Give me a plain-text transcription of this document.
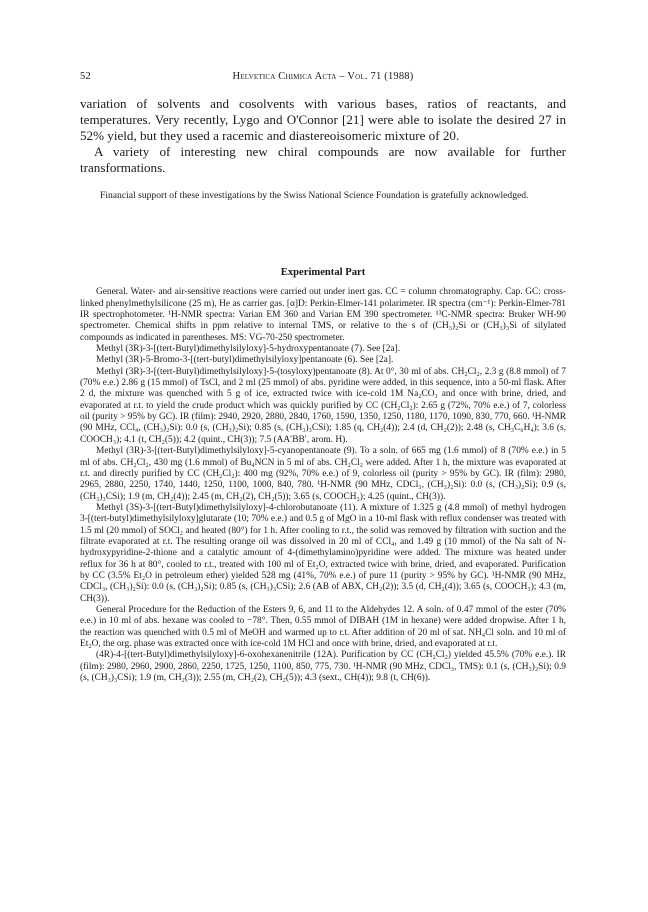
52	Helvetica Chimica Acta – Vol. 71 (1988)

variation of solvents and cosolvents with various bases, ratios of reactants, and temperatures. Very recently, Lygo and O'Connor [21] were able to isolate the desired 27 in 52% yield, but they used a racemic and diastereoisomeric mixture of 20.

A variety of interesting new chiral compounds are now available for further transformations.

Financial support of these investigations by the Swiss National Science Foundation is gratefully acknowledged.
Experimental Part

General. Water- and air-sensitive reactions were carried out under inert gas. CC = column chromatography. Cap. GC: cross-linked phenylmethylsilicone (25 m), He as carrier gas. [α]D: Perkin-Elmer-141 polarimeter. IR spectra (cm⁻¹): Perkin-Elmer-781 IR spectrophotometer. ¹H-NMR spectra: Varian EM 360 and Varian EM 390 spectrometer. ¹³C-NMR spectra: Bruker WH-90 spectrometer. Chemical shifts in ppm relative to internal TMS, or relative to the s of (CH₃)₂Si or (CH₃)₃Si of silylated compounds as indicated in parentheses. MS: VG-70-250 spectrometer.

Methyl (3R)-3-[(tert-Butyl)dimethylsilyloxy]-5-hydroxypentanoate (7). See [2a].

Methyl (3R)-5-Bromo-3-[(tert-butyl)dimethylsilyloxy]pentanoate (6). See [2a].

Methyl (3R)-3-[(tert-Butyl)dimethylsilyloxy]-5-(tosyloxy)pentanoate (8). At 0°, 30 ml of abs. CH₂Cl₂, 2.3 g (8.8 mmol) of 7 (70% e.e.) 2.86 g (15 mmol) of TsCl, and 2 ml (25 mmol) of abs. pyridine were added, in this sequence, into a 50-ml flask. After 2 d, the mixture was quenched with 5 g of ice, extracted twice with ice-cold 1M Na₂CO₃ and once with brine, dried, and evaporated at r.t. to yield the crude product which was quickly purified by CC (CH₂Cl₂): 2.65 g (72%, 70% e.e.) of 7, colorless oil (purity > 95% by GC). IR (film): 2940, 2920, 2880, 2840, 1760, 1590, 1350, 1250, 1180, 1170, 1090, 830, 770, 660. ¹H-NMR (90 MHz, CCl₄, (CH₃)₂Si): 0.0 (s, (CH₃)₂Si); 0.85 (s, (CH₃)₃CSi); 1.85 (q, CH₂(4)); 2.4 (d, CH₂(2)); 2.48 (s, CH₃C₆H₄); 3.6 (s, COOCH₃); 4.1 (t, CH₂(5)); 4.2 (quint., CH(3)); 7.5 (AA′BB′, arom. H).

Methyl (3R)-3-[(tert-Butyl)dimethylsilyloxy]-5-cyanopentanoate (9). To a soln. of 665 mg (1.6 mmol) of 8 (70% e.e.) in 5 ml of abs. CH₂Cl₂, 430 mg (1.6 mmol) of Bu₄NCN in 5 ml of abs. CH₂Cl₂ were added. After 1 h, the mixture was evaporated at r.t. and directly purified by CC (CH₂Cl₂): 400 mg (92%, 70% e.e.) of 9, colorless oil (purity > 95% by GC). IR (film): 2980, 2965, 2880, 2250, 1740, 1440, 1250, 1100, 1000, 840, 780. ¹H-NMR (90 MHz, CDCl₃, (CH₃)₂Si): 0.0 (s, (CH₃)₂Si); 0.9 (s, (CH₃)₃CSi); 1.9 (m, CH₂(4)); 2.45 (m, CH₂(2), CH₂(5)); 3.65 (s, COOCH₃); 4.25 (quint., CH(3)).

Methyl (3S)-3-[(tert-Butyl)dimethylsilyloxy]-4-chlorobutanoate (11). A mixture of 1.325 g (4.8 mmol) of methyl hydrogen 3-[(tert-butyl)dimethylsilyloxy]glutarate (10; 70% e.e.) and 0.5 g of MgO in a 10-ml flask with reflux condenser was treated with 1.5 ml (20 mmol) of SOCl₂ and heated (80°) for 1 h. After cooling to r.t., the solid was removed by filtration with suction and the filtrate evaporated at r.t. The resulting orange oil was dissolved in 20 ml of CCl₄, and 1.49 g (10 mmol) of the Na salt of N-hydroxypyridine-2-thione and a catalytic amount of 4-(dimethylamino)pyridine were added. The mixture was heated under reflux for 36 h at 80°, cooled to r.t., treated with 100 ml of Et₂O, extracted twice with brine, dried, and evaporated. Purification by CC (3.5% Et₂O in petroleum ether) yielded 528 mg (41%, 70% e.e.) of pure 11 (purity > 95% by GC). ¹H-NMR (90 MHz, CDCl₃, (CH₃)₂Si): 0.0 (s, (CH₃)₂Si); 0.85 (s, (CH₃)₃CSi); 2.6 (AB of ABX, CH₂(2)); 3.5 (d, CH₂(4)); 3.65 (s, COOCH₃); 4.3 (m, CH(3)).

General Procedure for the Reduction of the Esters 9, 6, and 11 to the Aldehydes 12. A soln. of 0.47 mmol of the ester (70% e.e.) in 10 ml of abs. hexane was cooled to −78°. Then, 0.55 mmol of DIBAH (1M in hexane) were added dropwise. After 1 h, the reaction was quenched with 0.5 ml of MeOH and warmed up to r.t. After addition of 20 ml of sat. NH₄Cl soln. and 10 ml of Et₂O, the org. phase was extracted once with ice-cold 1M HCl and once with brine, dried, and evaporated at r.t.

(4R)-4-[(tert-Butyl)dimethylsilyloxy]-6-oxohexanenitrile (12A). Purification by CC (CH₂Cl₂) yielded 45.5% (70% e.e.). IR (film): 2980, 2960, 2900, 2860, 2250, 1725, 1250, 1100, 850, 775, 730. ¹H-NMR (90 MHz, CDCl₃, TMS): 0.1 (s, (CH₃)₂Si); 0.9 (s, (CH₃)₃CSi); 1.9 (m, CH₂(3)); 2.55 (m, CH₂(2), CH₂(5)); 4.3 (sext., CH(4)); 9.8 (t, CH(6)).
